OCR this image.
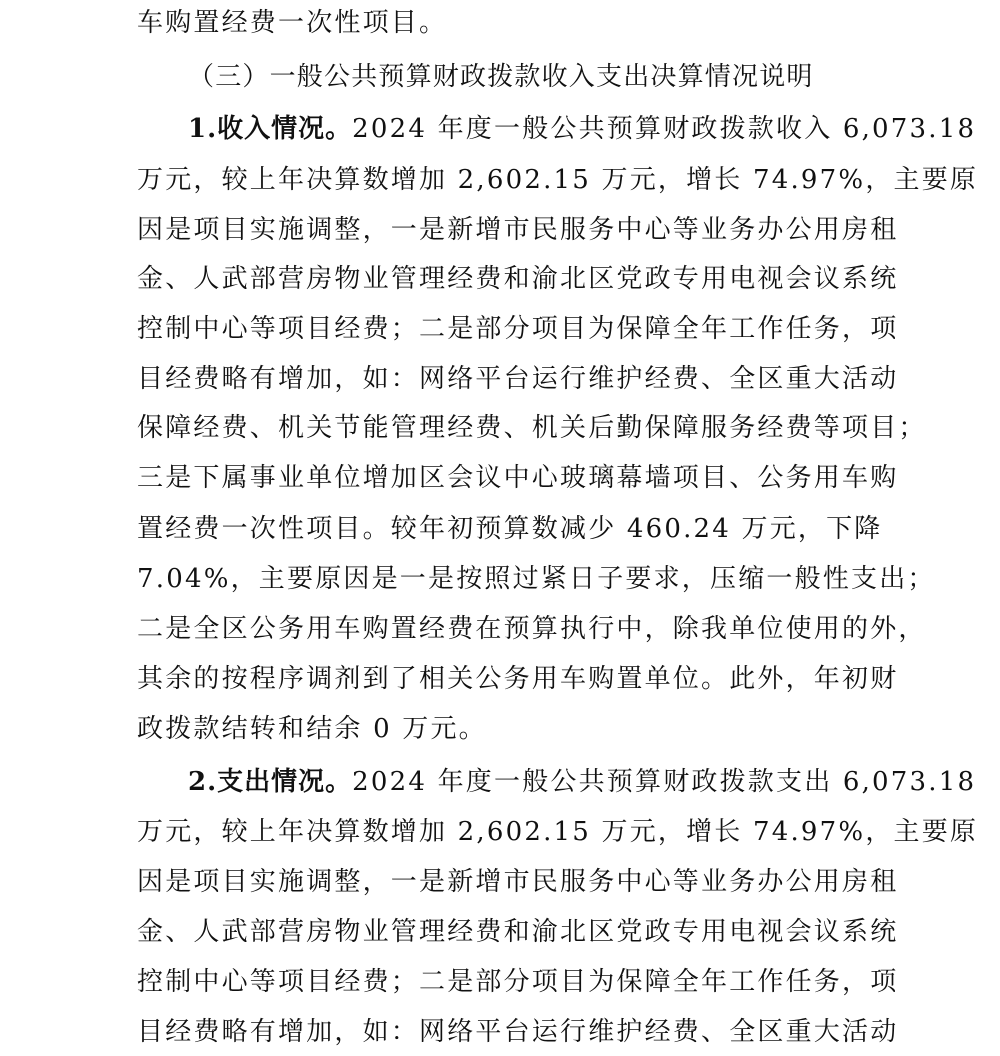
车购置经费一次性项目。
（三）一般公共预算财政拨款收入支出决算情况说明
1.收入情况。2024 年度一般公共预算财政拨款收入 6,073.18
万元，较上年决算数增加 2,602.15 万元，增长 74.97%，主要原
因是项目实施调整，一是新增市民服务中心等业务办公用房租
金、人武部营房物业管理经费和渝北区党政专用电视会议系统
控制中心等项目经费；二是部分项目为保障全年工作任务，项
目经费略有增加，如：网络平台运行维护经费、全区重大活动
保障经费、机关节能管理经费、机关后勤保障服务经费等项目；
三是下属事业单位增加区会议中心玻璃幕墙项目、公务用车购
置经费一次性项目。较年初预算数减少 460.24 万元，下降
7.04%，主要原因是一是按照过紧日子要求，压缩一般性支出；
二是全区公务用车购置经费在预算执行中，除我单位使用的外，
其余的按程序调剂到了相关公务用车购置单位。此外，年初财
政拨款结转和结余 0 万元。
2.支出情况。2024 年度一般公共预算财政拨款支出 6,073.18
万元，较上年决算数增加 2,602.15 万元，增长 74.97%，主要原
因是项目实施调整，一是新增市民服务中心等业务办公用房租
金、人武部营房物业管理经费和渝北区党政专用电视会议系统
控制中心等项目经费；二是部分项目为保障全年工作任务，项
目经费略有增加，如：网络平台运行维护经费、全区重大活动
